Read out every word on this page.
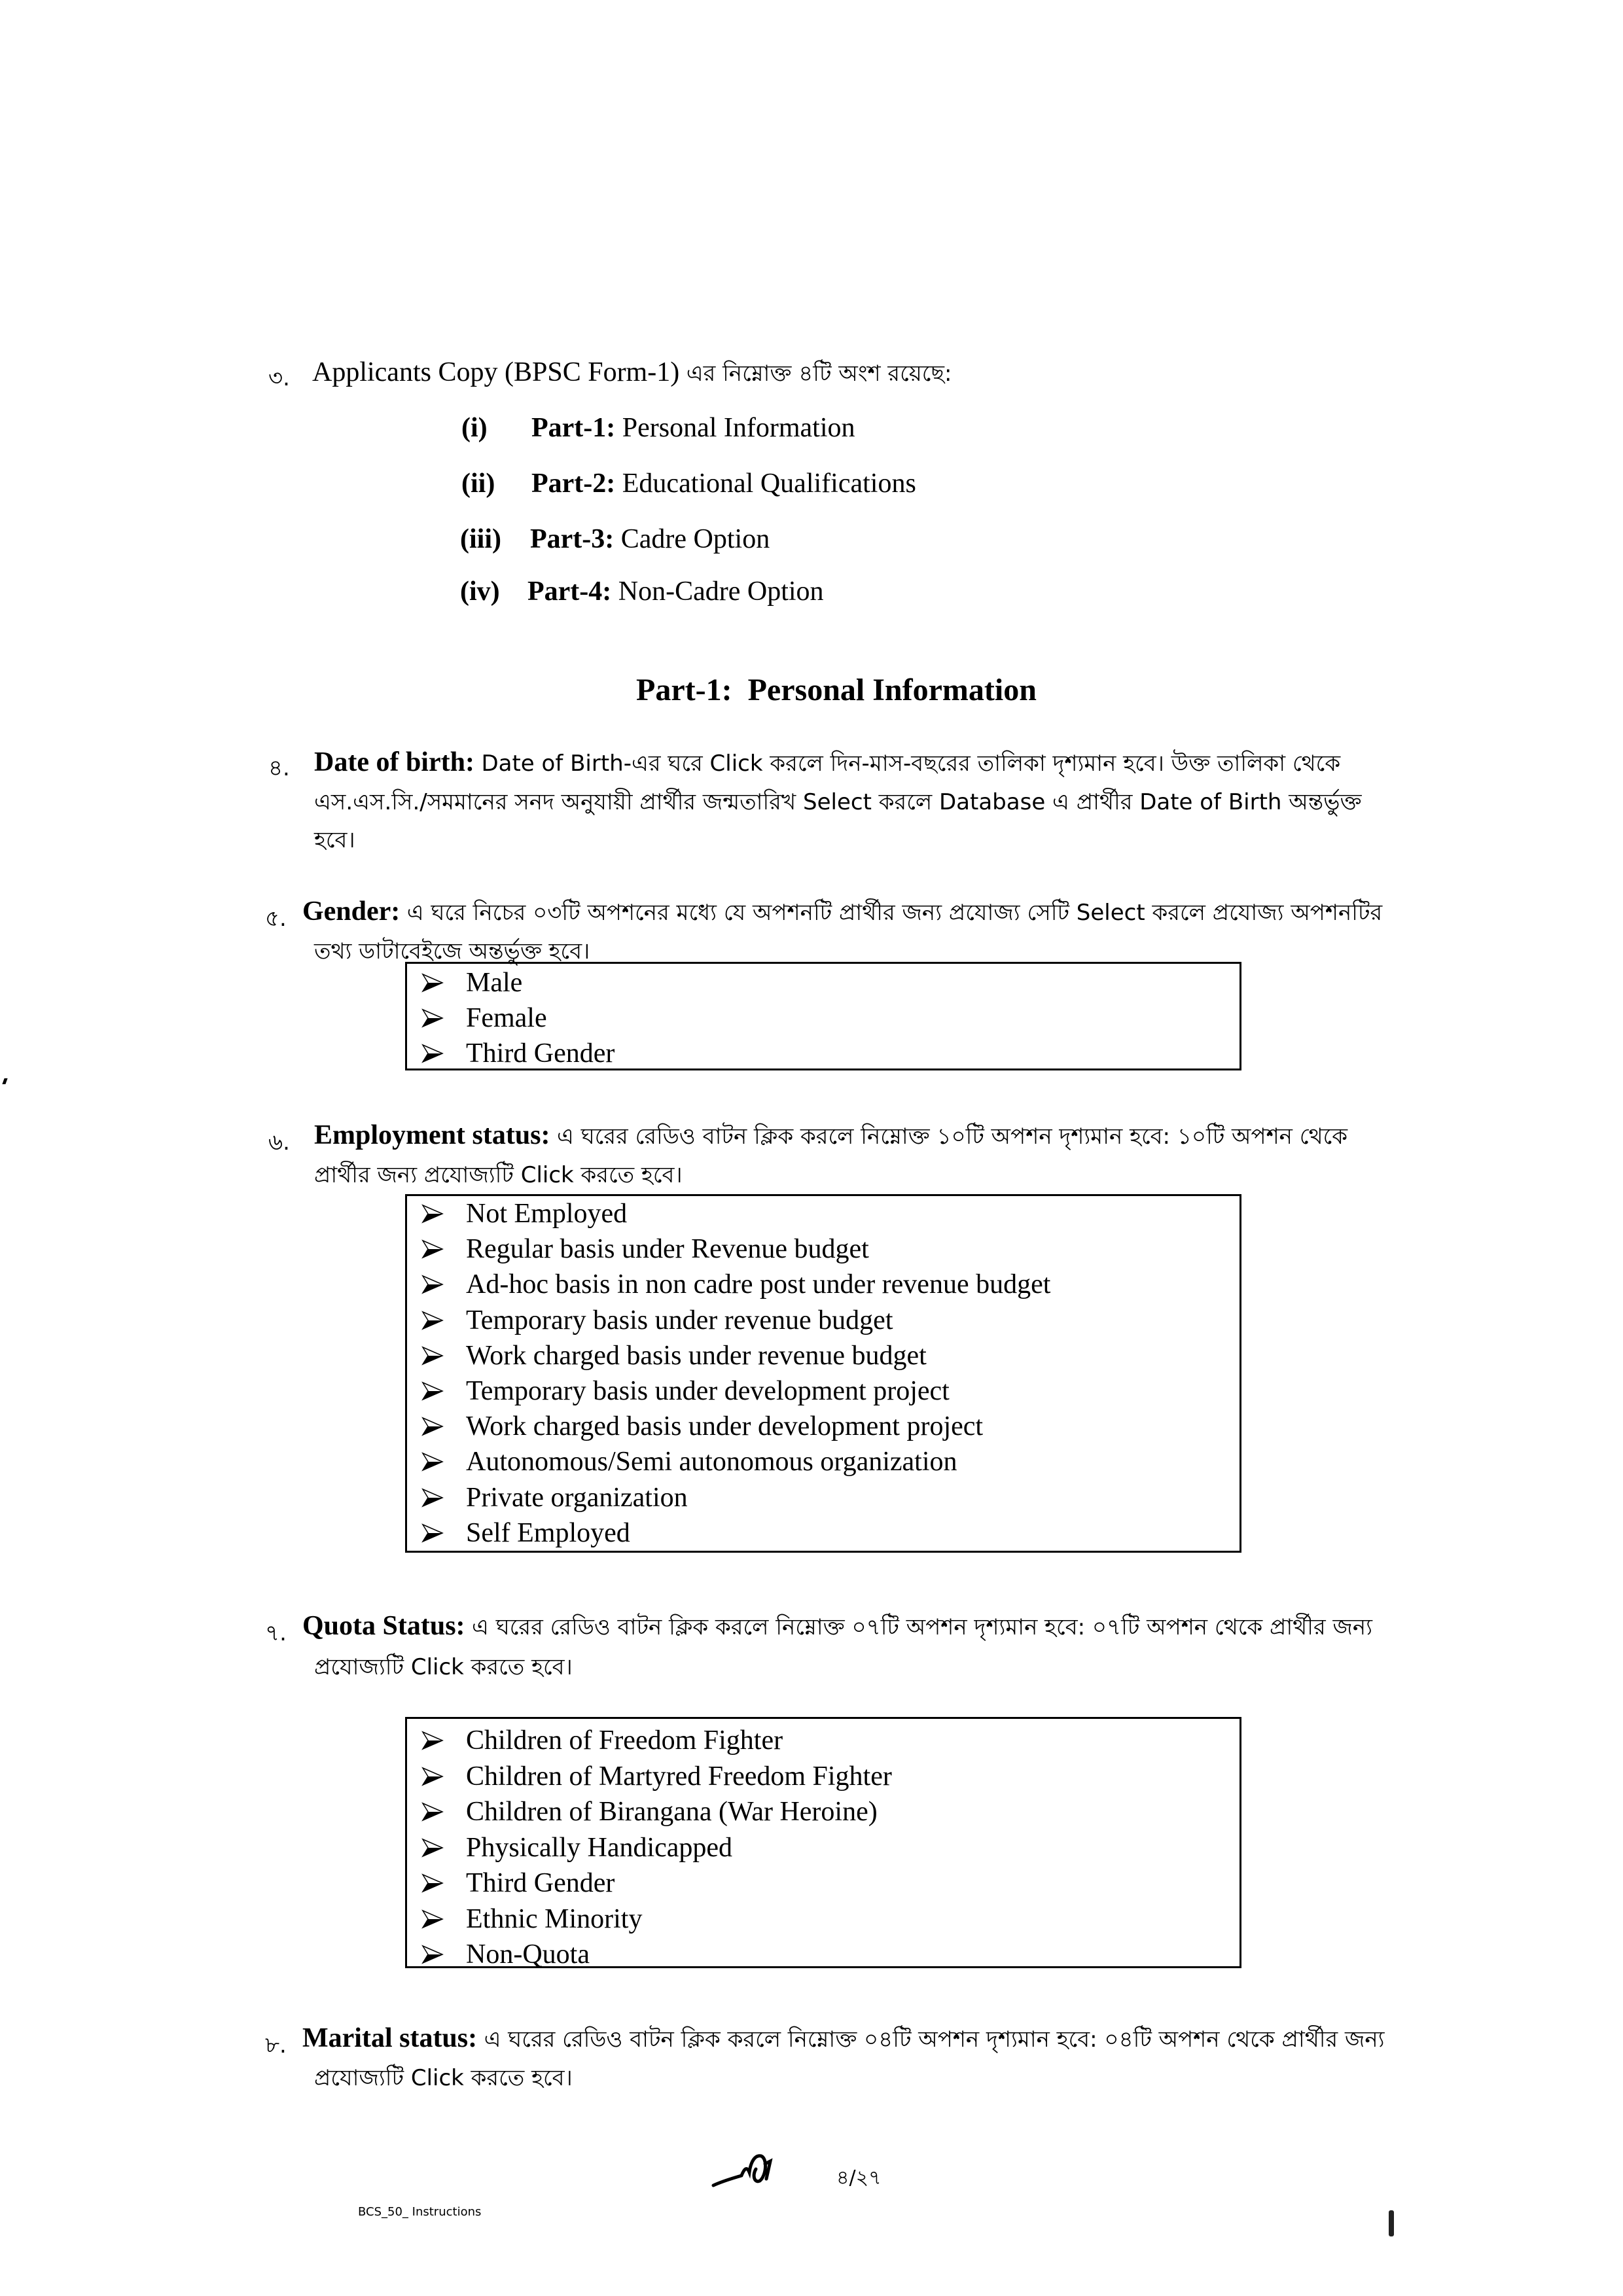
৩. Applicants Copy (BPSC Form-1) এর নিম্নোক্ত ৪টি অংশ রয়েছে:
(i) Part-1: Personal Information
(ii) Part-2: Educational Qualifications
(iii) Part-3: Cadre Option
(iv) Part-4: Non-Cadre Option
Part-1:  Personal Information
৪. Date of birth: Date of Birth-এর ঘরে Click করলে দিন-মাস-বছরের তালিকা দৃশ্যমান হবে। উক্ত তালিকা থেকে
এস.এস.সি./সমমানের সনদ অনুযায়ী প্রার্থীর জন্মতারিখ Select করলে Database এ প্রার্থীর Date of Birth অন্তর্ভুক্ত
হবে।
৫. Gender: এ ঘরে নিচের ০৩টি অপশনের মধ্যে যে অপশনটি প্রার্থীর জন্য প্রযোজ্য সেটি Select করলে প্রযোজ্য অপশনটির
তথ্য ডাটাবেইজে অন্তর্ভুক্ত হবে।
Male
Female
Third Gender
৬. Employment status: এ ঘরের রেডিও বাটন ক্লিক করলে নিম্নোক্ত ১০টি অপশন দৃশ্যমান হবে: ১০টি অপশন থেকে
প্রার্থীর জন্য প্রযোজ্যটি Click করতে হবে।
Not Employed
Regular basis under Revenue budget
Ad-hoc basis in non cadre post under revenue budget
Temporary basis under revenue budget
Work charged basis under revenue budget
Temporary basis under development project
Work charged basis under development project
Autonomous/Semi autonomous organization
Private organization
Self Employed
৭. Quota Status: এ ঘরের রেডিও বাটন ক্লিক করলে নিম্নোক্ত ০৭টি অপশন দৃশ্যমান হবে: ০৭টি অপশন থেকে প্রার্থীর জন্য
প্রযোজ্যটি Click করতে হবে।
Children of Freedom Fighter
Children of Martyred Freedom Fighter
Children of Birangana (War Heroine)
Physically Handicapped
Third Gender
Ethnic Minority
Non-Quota
৮. Marital status: এ ঘরের রেডিও বাটন ক্লিক করলে নিম্নোক্ত ০৪টি অপশন দৃশ্যমান হবে: ০৪টি অপশন থেকে প্রার্থীর জন্য
প্রযোজ্যটি Click করতে হবে।
৪/২৭
BCS_50_ Instructions
